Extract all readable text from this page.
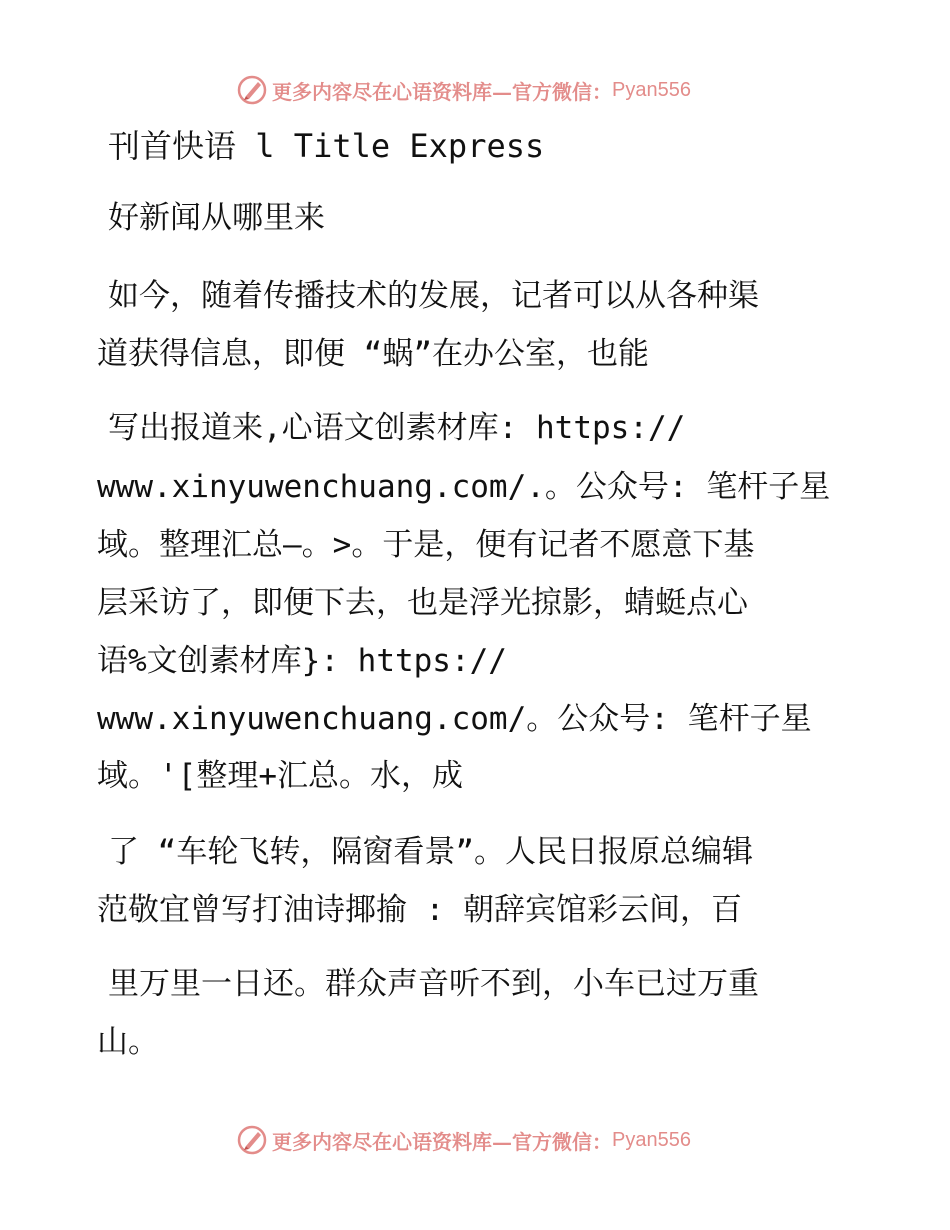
更多内容尽在心语资料库—官方微信： Pyan556
刊首快语 l Title Express
好新闻从哪里来
如今，随着传播技术的发展，记者可以从各种渠
道获得信息，即便 “蜗”在办公室，也能
写出报道来,心语文创素材库: https://
www.xinyuwenchuang.com/.。公众号: 笔杆子星
域。整理汇总—。>。于是，便有记者不愿意下基
层采访了，即便下去，也是浮光掠影，蜻蜓点心
语%文创素材库}: https://
www.xinyuwenchuang.com/。公众号: 笔杆子星
域。'[整理+汇总。水，成
了 “车轮飞转，隔窗看景”。人民日报原总编辑
范敬宜曾写打油诗揶揄 : 朝辞宾馆彩云间，百
里万里一日还。群众声音听不到，小车已过万重
山。
更多内容尽在心语资料库—官方微信： Pyan556
